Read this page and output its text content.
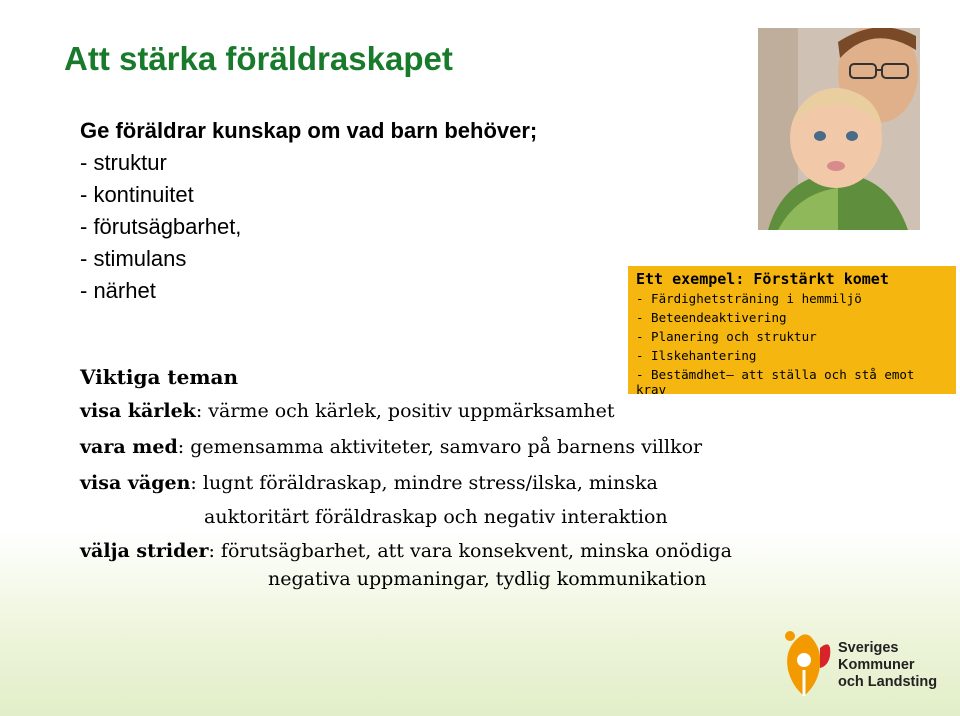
Att stärka föräldraskapet
Ge föräldrar kunskap om vad barn behöver;
- struktur
- kontinuitet
- förutsägbarhet,
- stimulans
- närhet
Viktiga teman
visa kärlek: värme och kärlek, positiv uppmärksamhet
vara med: gemensamma aktiviteter, samvaro på barnens villkor
visa vägen: lugnt föräldraskap, mindre stress/ilska, minska
auktoritärt föräldraskap och negativ interaktion
välja strider: förutsägbarhet, att vara konsekvent, minska onödiga
negativa uppmaningar, tydlig kommunikation
Ett exempel: Förstärkt komet
- Färdighetsträning i hemmiljö
- Beteendeaktivering
- Planering och struktur
- Ilskehantering
- Bestämdhet– att ställa och stå emot
krav
Sveriges
Kommuner
och Landsting
